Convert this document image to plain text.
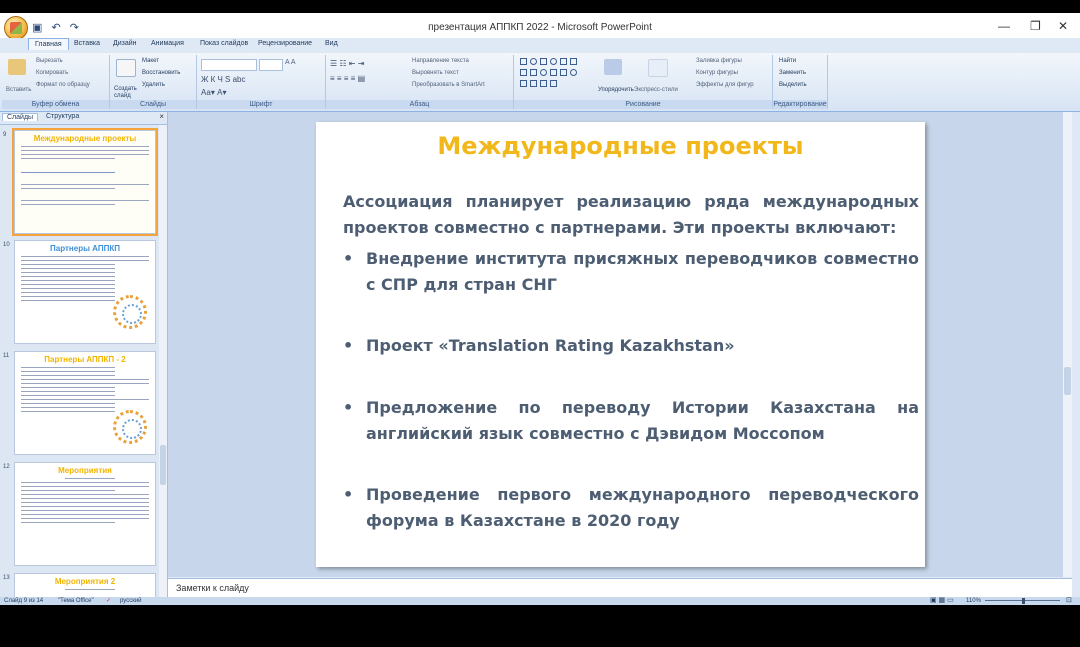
▣ ↶ ↷	презентация АППКП 2022 - Microsoft PowerPoint	— ❐ ✕
Главная	Вставка Дизайн Анимация Показ слайдов Рецензирование Вид
Вставить
Вырезать
Копировать
Формат по образцу
Буфер обмена
Создать слайд
Макет
Восстановить
Удалить
Слайды
A A
Ж К Ч S abc
Аа▾ A▾
Шрифт
☰ ☷ ⇤ ⇥
≡ ≡ ≡ ≡ ▤
Направление текста
Выровнять текст
Преобразовать в SmartArt
Абзац
Упорядочить Экспресс-стили
Заливка фигуры
Контур фигуры
Эффекты для фигур
Рисование
Найти
Заменить
Выделить
Редактирование
Слайды	Структура	×
9	Международные проекты
10	Партнеры АППКП
11	Партнеры АППКП - 2
12	Мероприятия
13	Мероприятия 2
Международные проекты
Ассоциация планирует реализацию ряда международных проектов совместно с партнерами. Эти проекты включают:
• Внедрение института присяжных переводчиков совместно с СПР для стран СНГ
• Проект «Translation Rating Kazakhstan»
• Предложение по переводу Истории Казахстана на английский язык совместно с Дэвидом Моссопом
• Проведение первого международного переводческого форума в Казахстане в 2020 году
Заметки к слайду
Слайд 9 из 14 "Тема Office" ✓ русский	▣ ▦ ▭ 110%	⊡
